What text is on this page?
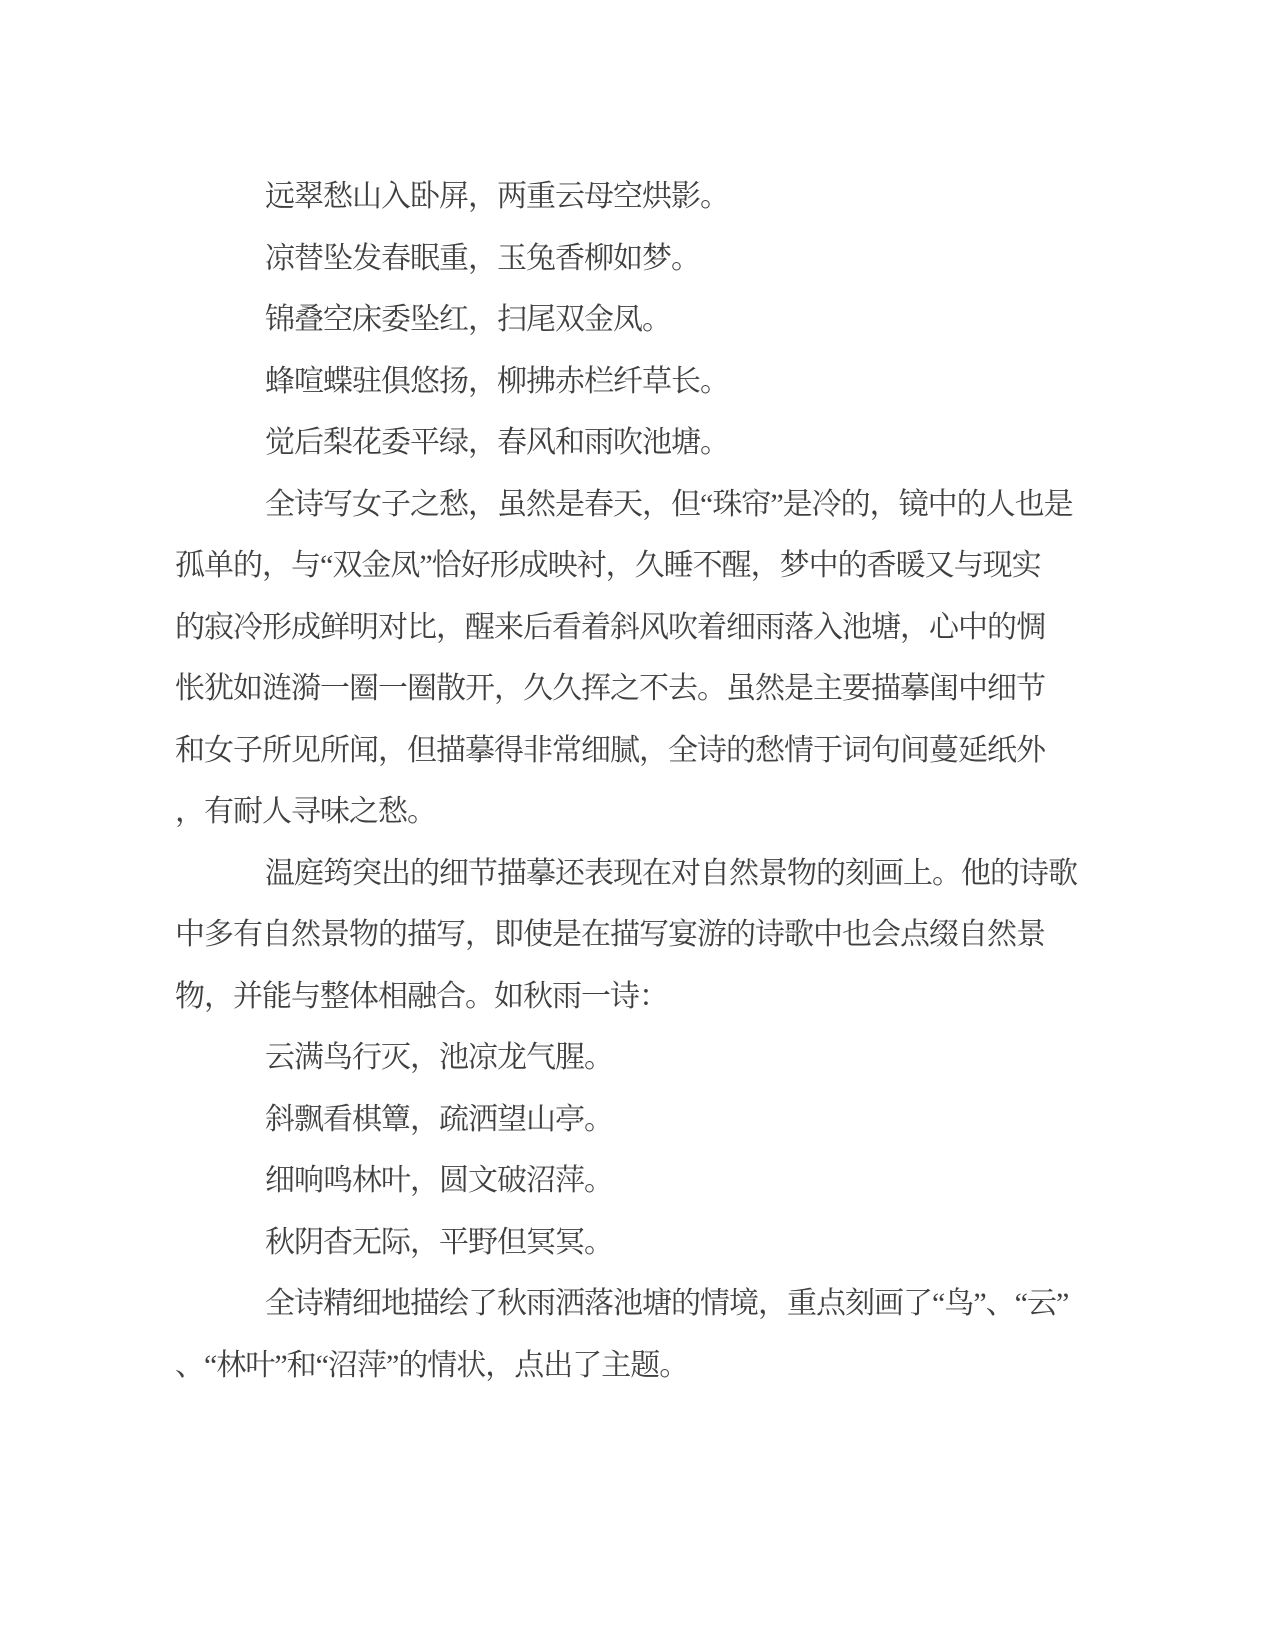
远翠愁山入卧屏，两重云母空烘影。
凉替坠发春眠重，玉兔香柳如梦。
锦叠空床委坠红，扫尾双金凤。
蜂喧蝶驻俱悠扬，柳拂赤栏纤草长。
觉后梨花委平绿，春风和雨吹池塘。
全诗写女子之愁，虽然是春天，但“珠帘”是冷的，镜中的人也是
孤单的，与“双金凤”恰好形成映衬，久睡不醒，梦中的香暖又与现实
的寂冷形成鲜明对比，醒来后看着斜风吹着细雨落入池塘，心中的惆
怅犹如涟漪一圈一圈散开，久久挥之不去。虽然是主要描摹闺中细节
和女子所见所闻，但描摹得非常细腻，全诗的愁情于词句间蔓延纸外
，有耐人寻味之愁。
温庭筠突出的细节描摹还表现在对自然景物的刻画上。他的诗歌
中多有自然景物的描写，即使是在描写宴游的诗歌中也会点缀自然景
物，并能与整体相融合。如秋雨一诗：
云满鸟行灭，池凉龙气腥。
斜飘看棋簟，疏洒望山亭。
细响鸣林叶，圆文破沼萍。
秋阴杳无际，平野但冥冥。
全诗精细地描绘了秋雨洒落池塘的情境，重点刻画了“鸟”、“云”
、“林叶”和“沼萍”的情状，点出了主题。
